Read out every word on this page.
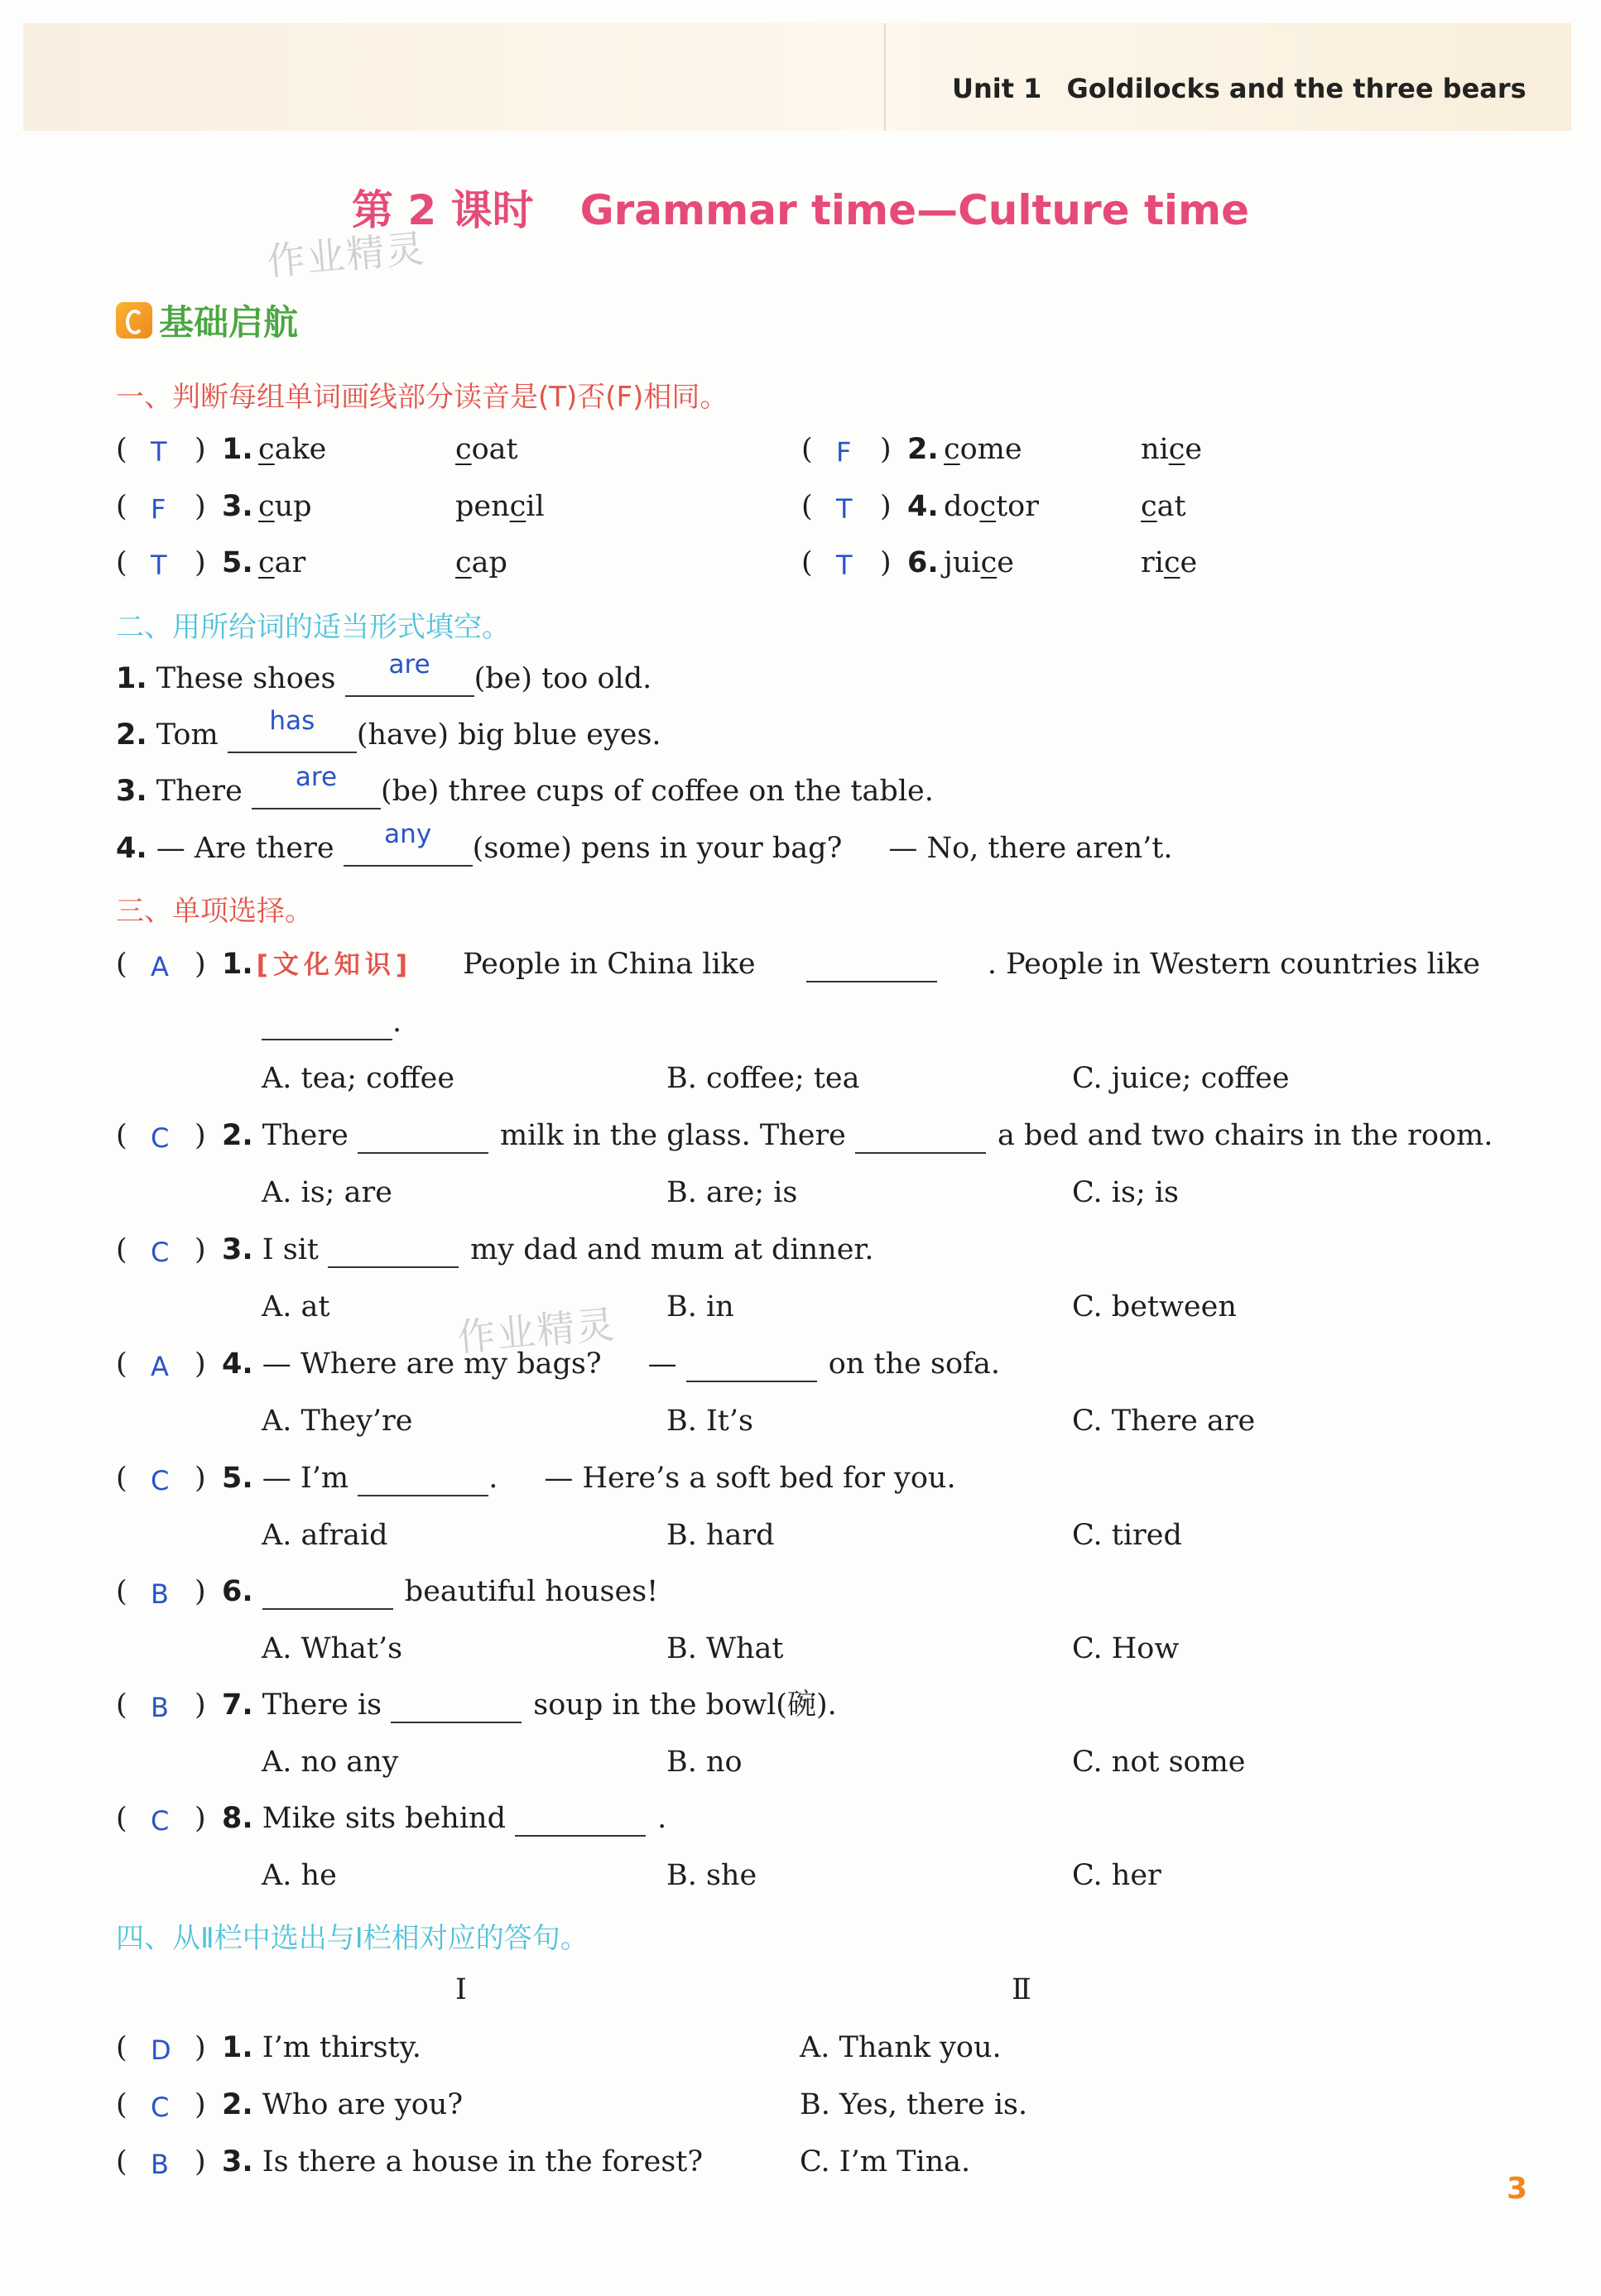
Unit 1 Goldilocks and the three bears
第 2 课时 Grammar time—Culture time
作业精灵
作业精灵
基础启航
一、判断每组单词画线部分读音是(T)否(F)相同。
( T ) 1. cake	coat	( F ) 2. come	nice
( F ) 3. cup	pencil	( T ) 4. doctor	cat
( T ) 5. car	cap	( T ) 6. juice	rice
二、用所给词的适当形式填空。
1. These shoes	are	(be) too old.
2. Tom	has	(have) big blue eyes.
3. There	are	(be) three cups of coffee on the table.
4. — Are there	any	(some) pens in your bag? — No, there aren’t.
三、单项选择。
( A ) 1. [文化知识] People in China like
	. People in Western countries like
.
A. tea; coffee	B. coffee; tea	C. juice; coffee
( C ) 2. There	milk in the glass. There	a bed and two chairs in the room.
A. is; are	B. are; is	C. is; is
( C ) 3. I sit	my dad and mum at dinner.
A. at	B. in	C. between
( A ) 4. — Where are my bags? —	on the sofa.
A. They’re	B. It’s	C. There are
( C ) 5. — I’m	. — Here’s a soft bed for you.
A. afraid	B. hard	C. tired
( B ) 6.	beautiful houses!
A. What’s	B. What	C. How
( B ) 7. There is	soup in the bowl(碗).
A. no any	B. no	C. not some
( C ) 8. Mike sits behind	.
A. he	B. she	C. her
四、从Ⅱ栏中选出与Ⅰ栏相对应的答句。
Ⅰ	Ⅱ
( D ) 1. I’m thirsty.	A. Thank you.
( C ) 2. Who are you?	B. Yes, there is.
( B ) 3. Is there a house in the forest?	C. I’m Tina.
3
